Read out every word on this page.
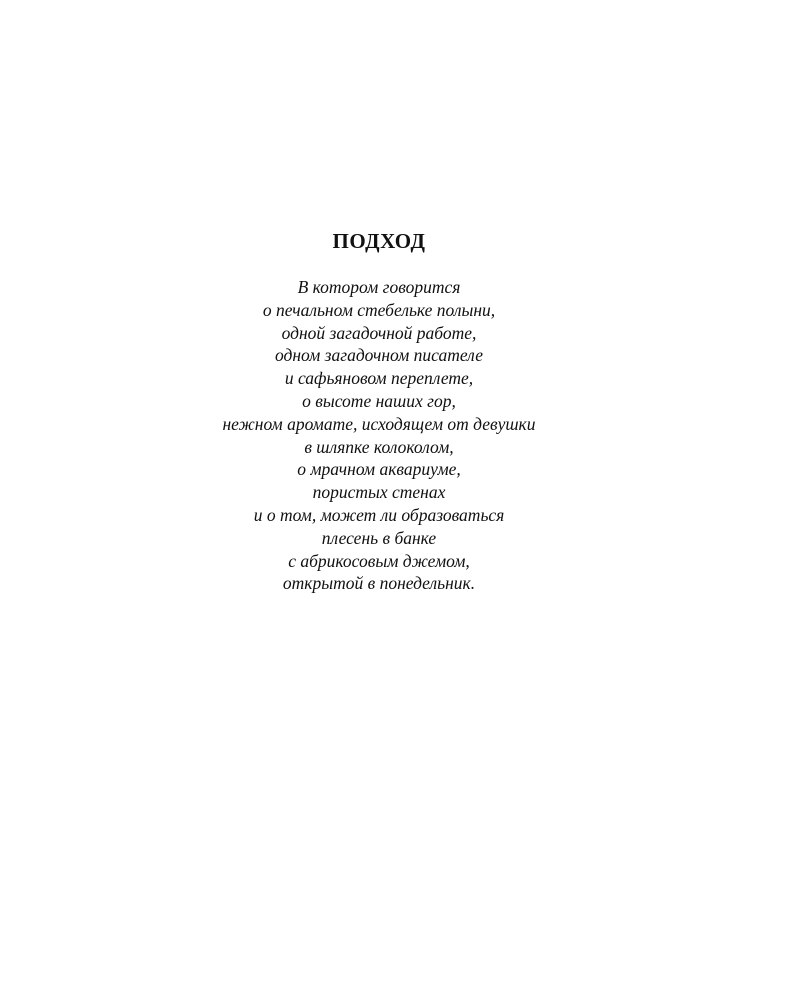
ПОДХОД
В котором говорится
о печальном стебельке полыни,
одной загадочной работе,
одном загадочном писателе
и сафьяновом переплете,
о высоте наших гор,
нежном аромате, исходящем от девушки
в шляпке колоколом,
о мрачном аквариуме,
пористых стенах
и о том, может ли образоваться
плесень в банке
с абрикосовым джемом,
открытой в понедельник.
